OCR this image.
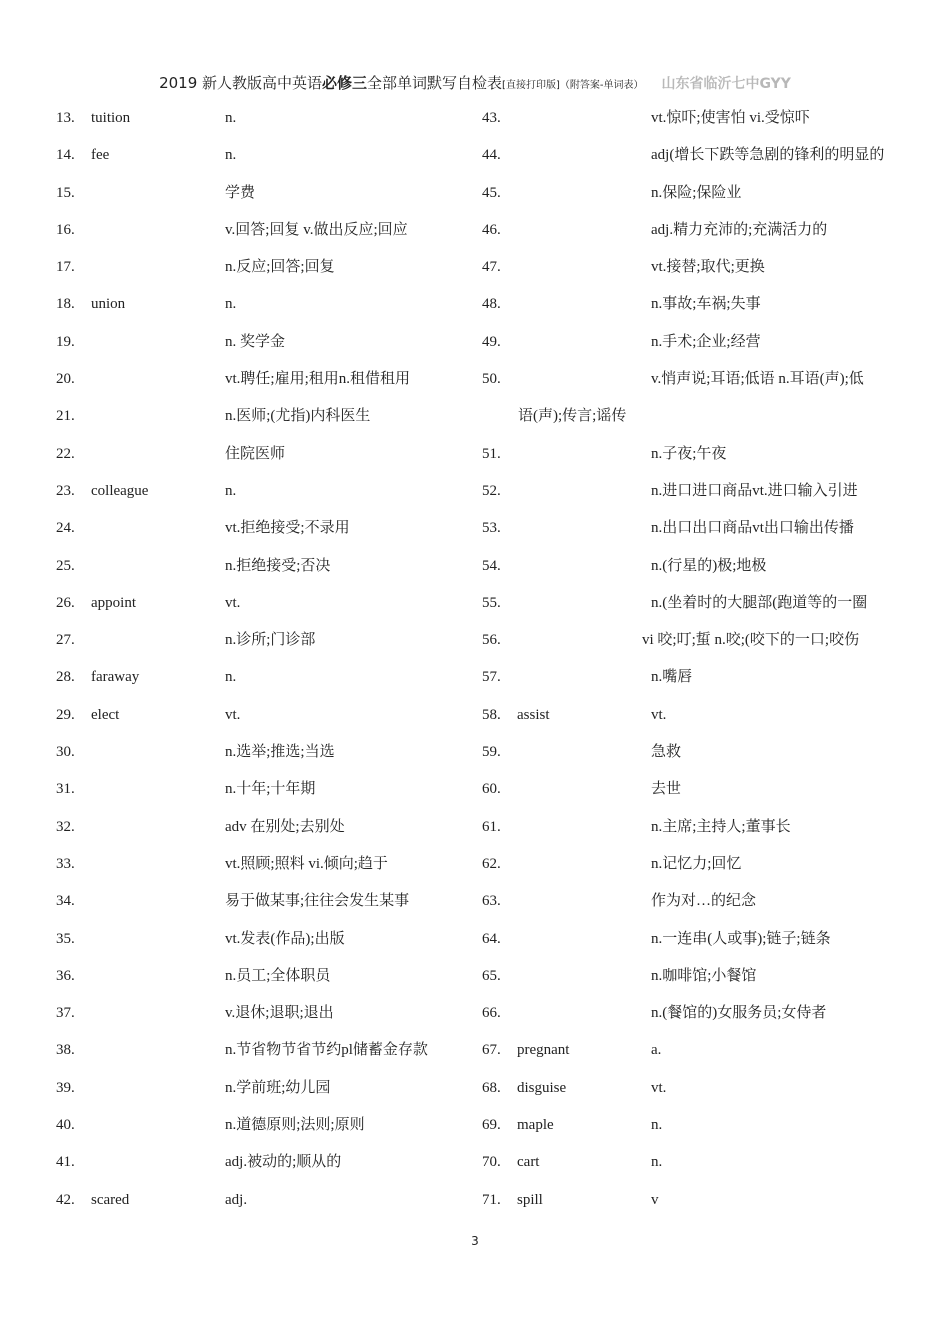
2019 新人教版高中英语必修三全部单词默写自检表[直接打印版]（附答案-单词表） 山东省临沂七中GYY
13.	tuition	n.
14.	fee	n.
15.	学费
16.	v.回答;回复 v.做出反应;回应
17.	n.反应;回答;回复
18.	union	n.
19.	n. 奖学金
20.	vt.聘任;雇用;租用n.租借租用
21.	n.医师;(尤指)内科医生
22.	住院医师
23.	colleague	n.
24.	vt.拒绝接受;不录用
25.	n.拒绝接受;否决
26.	appoint	vt.
27.	n.诊所;门诊部
28.	faraway	n.
29.	elect	vt.
30.	n.选举;推选;当选
31.	n.十年;十年期
32.	adv 在别处;去别处
33.	vt.照顾;照料 vi.倾向;趋于
34.	易于做某事;往往会发生某事
35.	vt.发表(作品);出版
36.	n.员工;全体职员
37.	v.退休;退职;退出
38.	n.节省物节省节约pl储蓄金存款
39.	n.学前班;幼儿园
40.	n.道德原则;法则;原则
41.	adj.被动的;顺从的
42.	scared	adj.
43.	vt.惊吓;使害怕 vi.受惊吓
44.	adj(增长下跌等急剧的锋利的明显的
45.	n.保险;保险业
46.	adj.精力充沛的;充满活力的
47.	vt.接替;取代;更换
48.	n.事故;车祸;失事
49.	n.手术;企业;经营
50.	v.悄声说;耳语;低语 n.耳语(声);低
语(声);传言;谣传
51.	n.子夜;午夜
52.	n.进口进口商品vt.进口输入引进
53.	n.出口出口商品vt出口输出传播
54.	n.(行星的)极;地极
55.	n.(坐着时的大腿部(跑道等的一圈
56.	vi 咬;叮;蜇 n.咬;(咬下的一口;咬伤
57.	n.嘴唇
58.	assist	vt.
59.	急救
60.	去世
61.	n.主席;主持人;董事长
62.	n.记忆力;回忆
63.	作为对…的纪念
64.	n.一连串(人或事);链子;链条
65.	n.咖啡馆;小餐馆
66.	n.(餐馆的)女服务员;女侍者
67.	pregnant	a.
68.	disguise	vt.
69.	maple	n.
70.	cart	n.
71.	spill	v
3
